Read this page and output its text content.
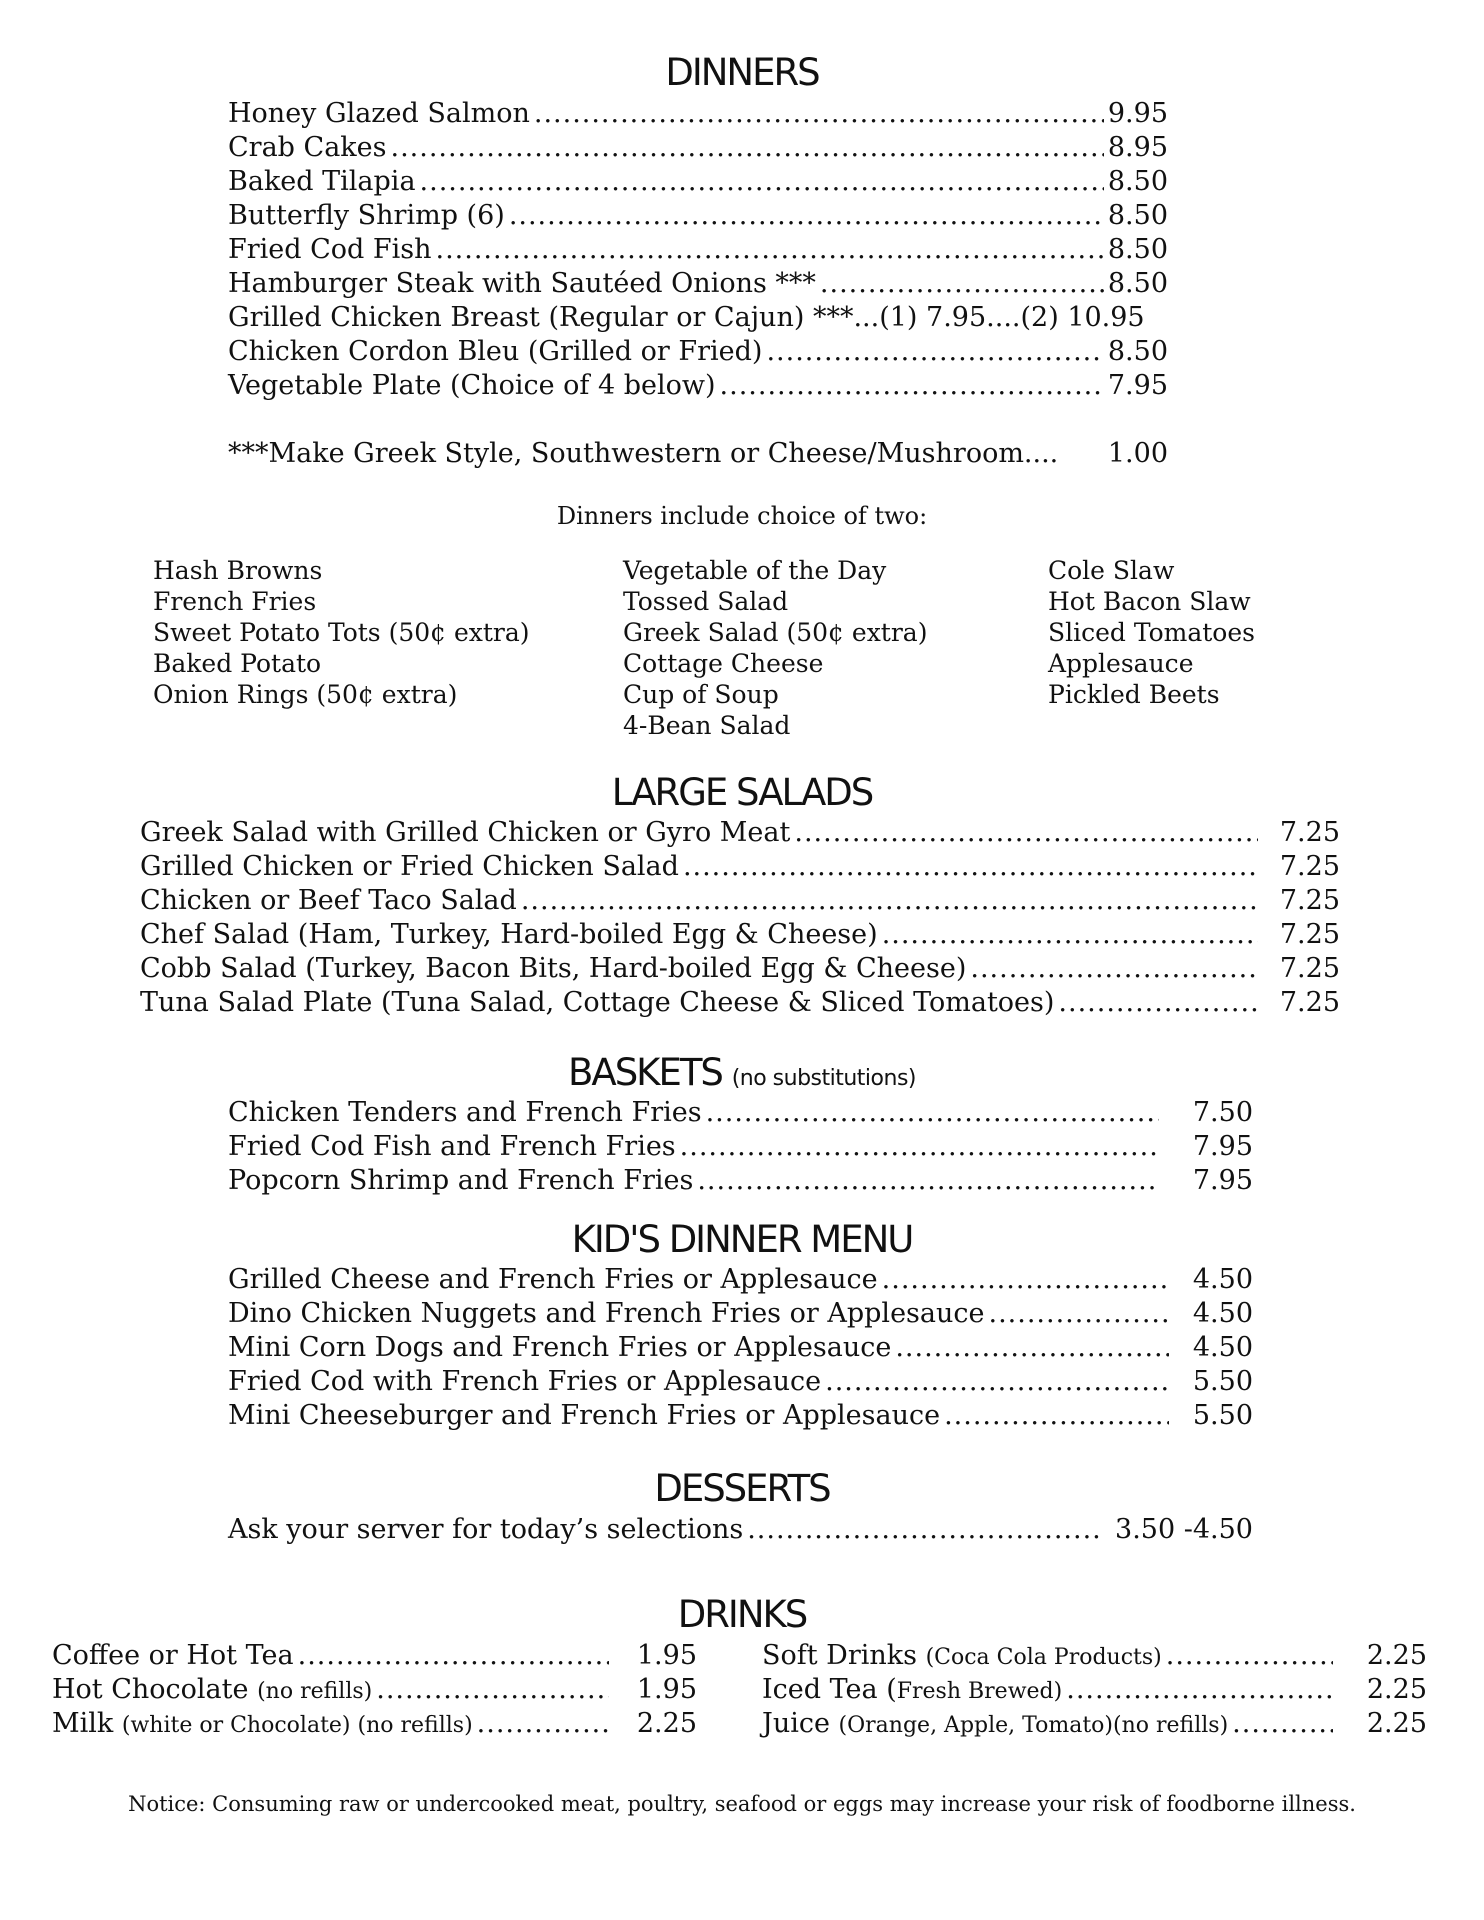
DINNERS
Honey Glazed Salmon .....	9.95
Crab Cakes .....	8.95
Baked Tilapia .....	8.50
Butterfly Shrimp (6) .....	8.50
Fried Cod Fish .....	8.50
Hamburger Steak with Sautéed Onions *** .....	8.50
Grilled Chicken Breast (Regular or Cajun) *** ...(1) 7.95....(2) 10.95
Chicken Cordon Bleu (Grilled or Fried) .....	8.50
Vegetable Plate (Choice of 4 below) .....	7.95
***Make Greek Style, Southwestern or Cheese/Mushroom.... 1.00
Dinners include choice of two:
Hash Browns
French Fries
Sweet Potato Tots (50¢ extra)
Baked Potato
Onion Rings (50¢ extra)
Vegetable of the Day
Tossed Salad
Greek Salad (50¢ extra)
Cottage Cheese
Cup of Soup
4-Bean Salad
Cole Slaw
Hot Bacon Slaw
Sliced Tomatoes
Applesauce
Pickled Beets
LARGE SALADS
Greek Salad with Grilled Chicken or Gyro Meat .....	7.25
Grilled Chicken or Fried Chicken Salad .....	7.25
Chicken or Beef Taco Salad .....	7.25
Chef Salad (Ham, Turkey, Hard-boiled Egg & Cheese) .....	7.25
Cobb Salad (Turkey, Bacon Bits, Hard-boiled Egg & Cheese) .....	7.25
Tuna Salad Plate (Tuna Salad, Cottage Cheese & Sliced Tomatoes) .....	7.25
BASKETS (no substitutions)
Chicken Tenders and French Fries .....	7.50
Fried Cod Fish and French Fries .....	7.95
Popcorn Shrimp and French Fries .....	7.95
KID'S DINNER MENU
Grilled Cheese and French Fries or Applesauce .....	4.50
Dino Chicken Nuggets and French Fries or Applesauce .....	4.50
Mini Corn Dogs and French Fries or Applesauce .....	4.50
Fried Cod with French Fries or Applesauce .....	5.50
Mini Cheeseburger and French Fries or Applesauce .....	5.50
DESSERTS
Ask your server for today’s selections .....	3.50 -4.50
DRINKS
Coffee or Hot Tea .....	1.95
Hot Chocolate (no refills) .....	1.95
Milk (white or Chocolate) (no refills) .....	2.25
Soft Drinks (Coca Cola Products) .....	2.25
Iced Tea (Fresh Brewed) .....	2.25
Juice (Orange, Apple, Tomato)(no refills) .....	2.25
Notice: Consuming raw or undercooked meat, poultry, seafood or eggs may increase your risk of foodborne illness.
